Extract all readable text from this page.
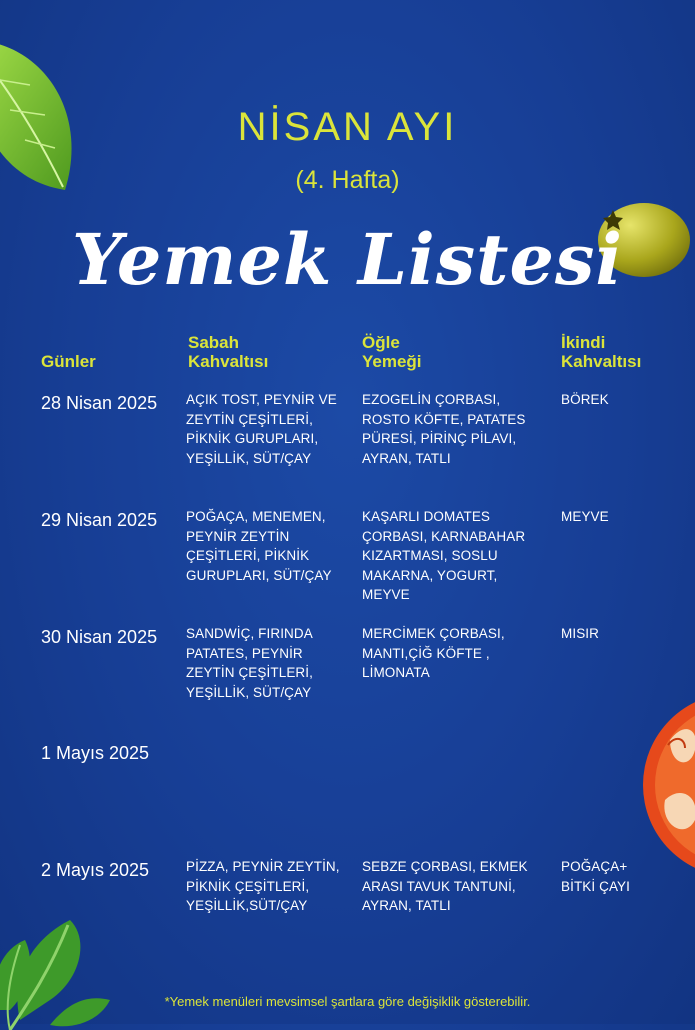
NİSAN AYI
(4. Hafta)
Yemek Listesi
Günler
Sabah
Kahvaltısı
Öğle
Yemeği
İkindi
Kahvaltısı
28 Nisan 2025 AÇIK TOST, PEYNİR VE
ZEYTİN ÇEŞİTLERİ,
PİKNİK GURUPLARI,
YEŞİLLİK, SÜT/ÇAY
EZOGELİN ÇORBASI,
ROSTO KÖFTE, PATATES
PÜRESİ, PİRİNÇ PİLAVI,
AYRAN, TATLI
BÖREK
29 Nisan 2025 POĞAÇA, MENEMEN,
PEYNİR ZEYTİN
ÇEŞİTLERİ, PİKNİK
GURUPLARI, SÜT/ÇAY
KAŞARLI DOMATES
ÇORBASI, KARNABAHAR
KIZARTMASI, SOSLU
MAKARNA, YOGURT,
MEYVE
MEYVE
30 Nisan 2025 SANDWİÇ, FIRINDA
PATATES, PEYNİR
ZEYTİN ÇEŞİTLERİ,
YEŞİLLİK, SÜT/ÇAY
MERCİMEK ÇORBASI,
MANTI,ÇİĞ KÖFTE ,
LİMONATA
MISIR
1 Mayıs 2025
2 Mayıs 2025	PİZZA, PEYNİR ZEYTİN,
PİKNİK ÇEŞİTLERİ,
YEŞİLLİK,SÜT/ÇAY
SEBZE ÇORBASI, EKMEK
ARASI TAVUK TANTUNİ,
AYRAN, TATLI
POĞAÇA+
BİTKİ ÇAYI
*Yemek menüleri mevsimsel şartlara göre değişiklik gösterebilir.
